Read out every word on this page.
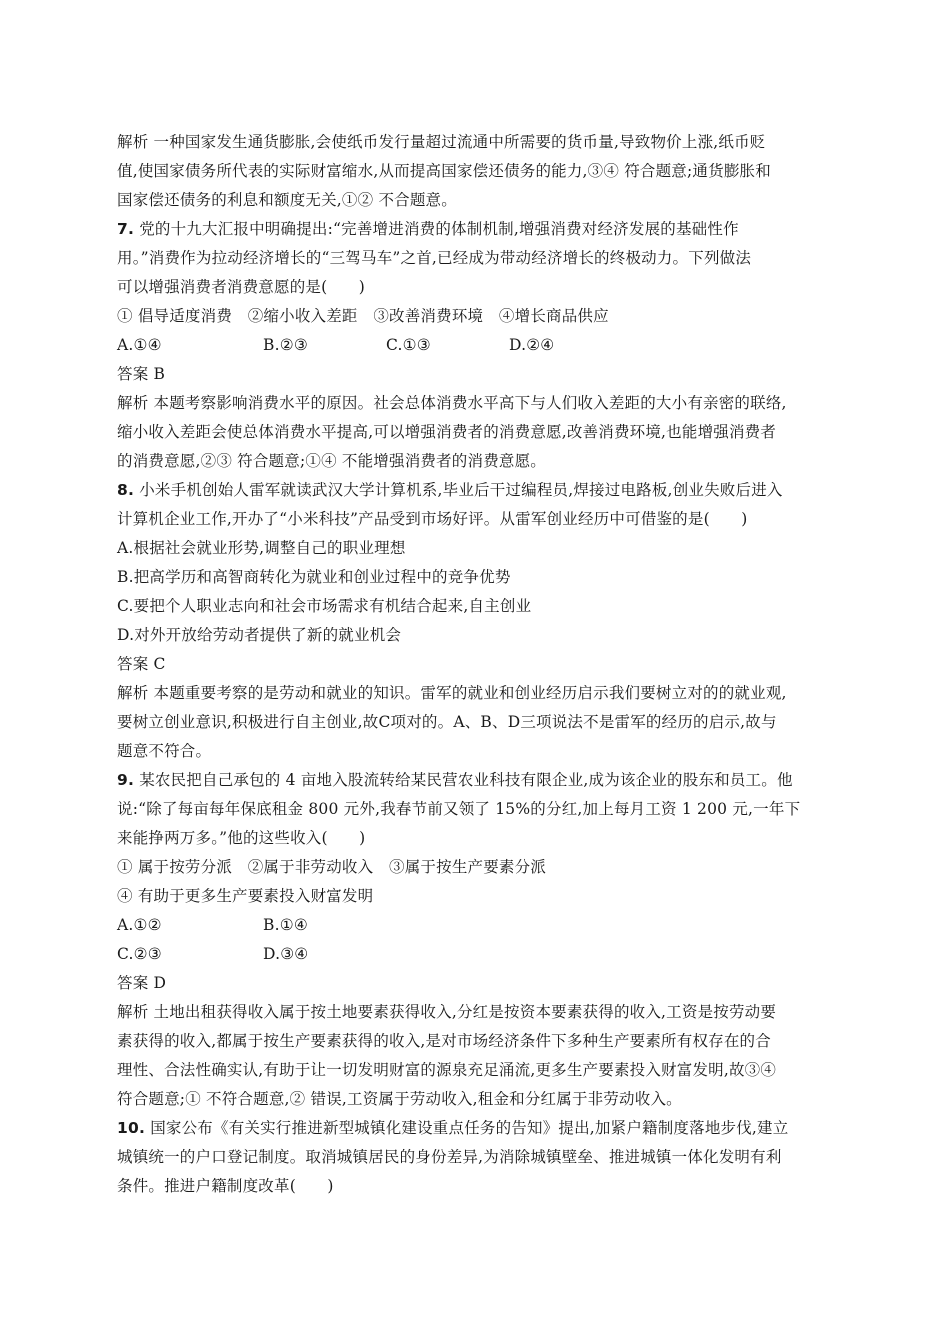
解析 一种国家发生通货膨胀,会使纸币发行量超过流通中所需要的货币量,导致物价上涨,纸币贬
值,使国家债务所代表的实际财富缩水,从而提高国家偿还债务的能力,③④ 符合题意;通货膨胀和
国家偿还债务的利息和额度无关,①② 不合题意。
7. 党的十九大汇报中明确提出:“完善增进消费的体制机制,增强消费对经济发展的基础性作
用。”消费作为拉动经济增长的“三驾马车”之首,已经成为带动经济增长的终极动力。下列做法
可以增强消费者消费意愿的是(　　)
① 倡导适度消费　②缩小收入差距　③改善消费环境　④增长商品供应
A.①④	B.②③	C.①③	D.②④
答案 B
解析 本题考察影响消费水平的原因。社会总体消费水平高下与人们收入差距的大小有亲密的联络,
缩小收入差距会使总体消费水平提高,可以增强消费者的消费意愿,改善消费环境,也能增强消费者
的消费意愿,②③ 符合题意;①④ 不能增强消费者的消费意愿。
8. 小米手机创始人雷军就读武汉大学计算机系,毕业后干过编程员,焊接过电路板,创业失败后进入
计算机企业工作,开办了“小米科技”产品受到市场好评。从雷军创业经历中可借鉴的是(　　)
A.根据社会就业形势,调整自己的职业理想
B.把高学历和高智商转化为就业和创业过程中的竞争优势
C.要把个人职业志向和社会市场需求有机结合起来,自主创业
D.对外开放给劳动者提供了新的就业机会
答案 C
解析 本题重要考察的是劳动和就业的知识。雷军的就业和创业经历启示我们要树立对的的就业观,
要树立创业意识,积极进行自主创业,故C项对的。A、B、D三项说法不是雷军的经历的启示,故与
题意不符合。
9. 某农民把自己承包的 4 亩地入股流转给某民营农业科技有限企业,成为该企业的股东和员工。他
说:“除了每亩每年保底租金 800 元外,我春节前又领了 15%的分红,加上每月工资 1 200 元,一年下
来能挣两万多。”他的这些收入(　　)
① 属于按劳分派　②属于非劳动收入　③属于按生产要素分派
④ 有助于更多生产要素投入财富发明
A.①②	B.①④
C.②③	D.③④
答案 D
解析 土地出租获得收入属于按土地要素获得收入,分红是按资本要素获得的收入,工资是按劳动要
素获得的收入,都属于按生产要素获得的收入,是对市场经济条件下多种生产要素所有权存在的合
理性、合法性确实认,有助于让一切发明财富的源泉充足涌流,更多生产要素投入财富发明,故③④
符合题意;① 不符合题意,② 错误,工资属于劳动收入,租金和分红属于非劳动收入。
10. 国家公布《有关实行推进新型城镇化建设重点任务的告知》提出,加紧户籍制度落地步伐,建立
城镇统一的户口登记制度。取消城镇居民的身份差异,为消除城镇壁垒、推进城镇一体化发明有利
条件。推进户籍制度改革(　　)
